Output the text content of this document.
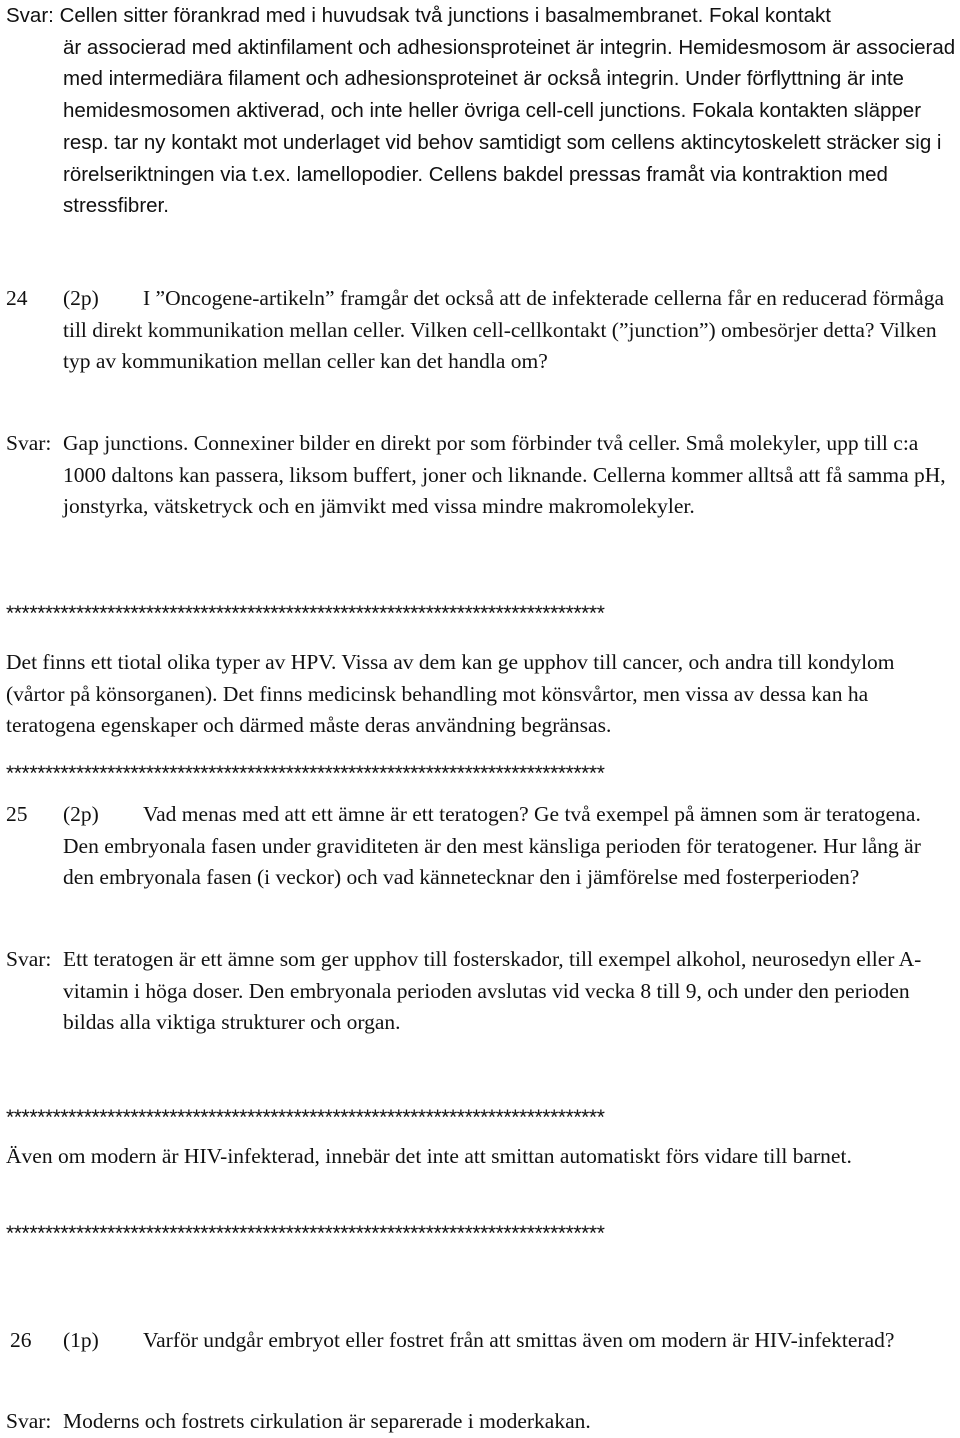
Svar: Cellen sitter förankrad med i huvudsak två junctions i basalmembranet. Fokal kontakt

är associerad med aktinfilament och adhesionsproteinet är integrin. Hemidesmosom är associerad med intermediära filament och adhesionsproteinet är också integrin. Under förflyttning är inte hemidesmosomen aktiverad, och inte heller övriga cell-cell junctions. Fokala kontakten släpper resp. tar ny kontakt mot underlaget vid behov samtidigt som cellens aktincytoskelett sträcker sig i rörelseriktningen via t.ex. lamellopodier. Cellens bakdel pressas framåt via kontraktion med stressfibrer.

24 (2p)	I ”Oncogene-artikeln” framgår det också att de infekterade cellerna får en reducerad förmåga till direkt kommunikation mellan celler. Vilken cell-cellkontakt (”junction”) ombesörjer detta? Vilken typ av kommunikation mellan celler kan det handla om?

Svar: Gap junctions. Connexiner bilder en direkt por som förbinder två celler. Små molekyler, upp till c:a 1000 daltons kan passera, liksom buffert, joner och liknande. Cellerna kommer alltså att få samma pH, jonstyrka, vätsketryck och en jämvikt med vissa mindre makromolekyler.

*****************************************************************************

Det finns ett tiotal olika typer av HPV. Vissa av dem kan ge upphov till cancer, och andra till kondylom (vårtor på könsorganen). Det finns medicinsk behandling mot könsvårtor, men vissa av dessa kan ha teratogena egenskaper och därmed måste deras användning begränsas.

*****************************************************************************
25 (2p)	Vad menas med att ett ämne är ett teratogen? Ge två exempel på ämnen som är teratogena. Den embryonala fasen under graviditeten är den mest känsliga perioden för teratogener. Hur lång är den embryonala fasen (i veckor) och vad kännetecknar den i jämförelse med fosterperioden?

Svar: Ett teratogen är ett ämne som ger upphov till fosterskador, till exempel alkohol, neurosedyn eller A-vitamin i höga doser. Den embryonala perioden avslutas vid vecka 8 till 9, och under den perioden bildas alla viktiga strukturer och organ.

*****************************************************************************

Även om modern är HIV-infekterad, innebär det inte att smittan automatiskt förs vidare till barnet.

*****************************************************************************
26 (1p)	Varför undgår embryot eller fostret från att smittas även om modern är HIV-infekterad?

Svar: Moderns och fostrets cirkulation är separerade i moderkakan.
